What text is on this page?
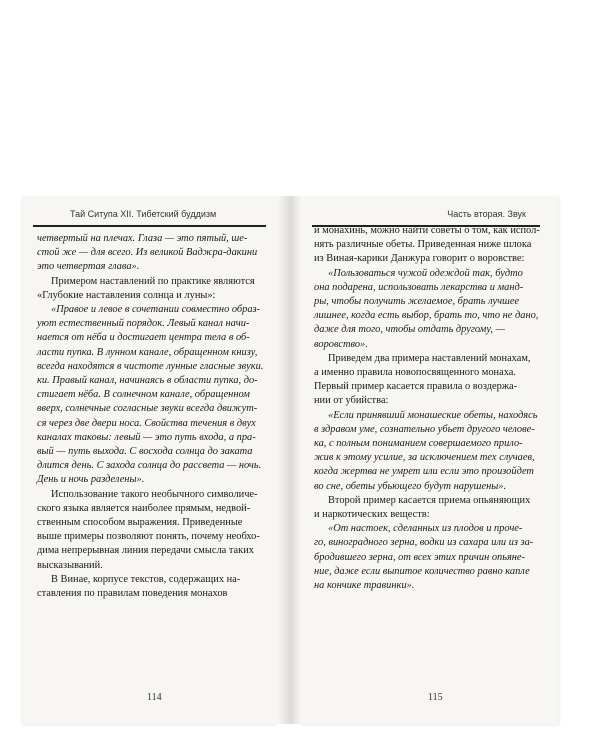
Тай Ситупа XII. Тибетский буддизм
четвертый на плечах. Глаза — это пятый, ше-
стой же — для всего. Из великой Ваджра-дакини
это четвертая глава».
Примером наставлений по практике являются
«Глубокие наставления солнца и луны»:
«Правое и левое в сочетании совместно образ-
уют естественный порядок. Левый канал начи-
нается от нёба и достигает центра тела в об-
ласти пупка. В лунном канале, обращенном книзу,
всегда находятся в чистоте лунные гласные звуки.
ки. Правый канал, начинаясь в области пупка, до-
стигает нёба. В солнечном канале, обращенном
вверх, солнечные согласные звуки всегда движут-
ся через две двери носа. Свойства течения в двух
каналах таковы: левый — это путь входа, а пра-
вый — путь выхода. С восхода солнца до заката
длится день. С захода солнца до рассвета — ночь.
День и ночь разделены».
Использование такого необычного символиче-
ского языка является наиболее прямым, недвой-
ственным способом выражения. Приведенные
выше примеры позволяют понять, почему необхо-
дима непрерывная линия передачи смысла таких
высказываний.
В Винае, корпусе текстов, содержащих на-
ставления по правилам поведения монахов
114
Часть вторая. Звук
и монахинь, можно найти советы о том, как испол-
нять различные обеты. Приведенная ниже шлока
из Виная-карики Данжура говорит о воровстве:
«Пользоваться чужой одеждой так, будто
она подарена, использовать лекарства и манд-
ры, чтобы получить желаемое, брать лучшее
лишнее, когда есть выбор, брать то, что не дано,
даже для того, чтобы отдать другому, —
воровство».
Приведем два примера наставлений монахам,
а именно правила новопосвященного монаха.
Первый пример касается правила о воздержа-
нии от убийства:
«Если принявший монашеские обеты, находясь
в здравом уме, сознательно убьет другого челове-
ка, с полным пониманием совершаемого прило-
жив к этому усилие, за исключением тех случаев,
когда жертва не умрет или если это произойдет
во сне, обеты убьющего будут нарушены».
Второй пример касается приема опьяняющих
и наркотических веществ:
«От настоек, сделанных из плодов и проче-
го, виноградного зерна, водки из сахара или из за-
бродившего зерна, от всех этих причин опьяне-
ние, даже если выпитое количество равно капле
на кончике травинки».
115
